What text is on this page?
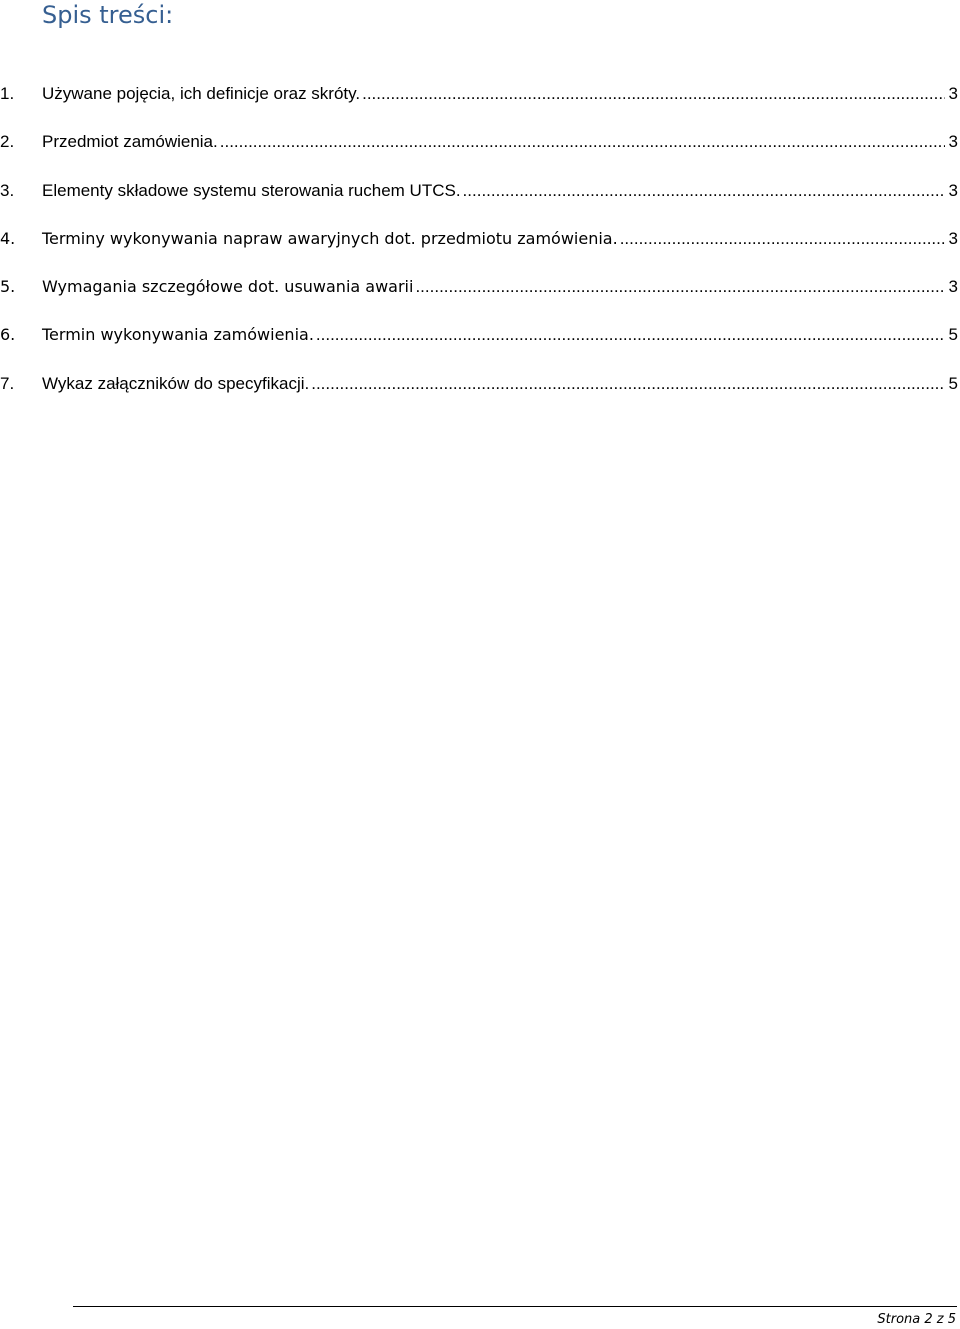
Spis treści:
1.	Używane pojęcia, ich definicje oraz skróty. .....	3
2.	Przedmiot zamówienia. .....	3
3.	Elementy składowe systemu sterowania ruchem UTCS. .....	3
4.	Terminy wykonywania napraw awaryjnych dot. przedmiotu zamówienia. .....	3
5.	Wymagania szczegółowe dot. usuwania awarii .....	3
6.	Termin wykonywania zamówienia. .....	5
7.	Wykaz załączników do specyfikacji. .....	5
Strona 2 z 5
